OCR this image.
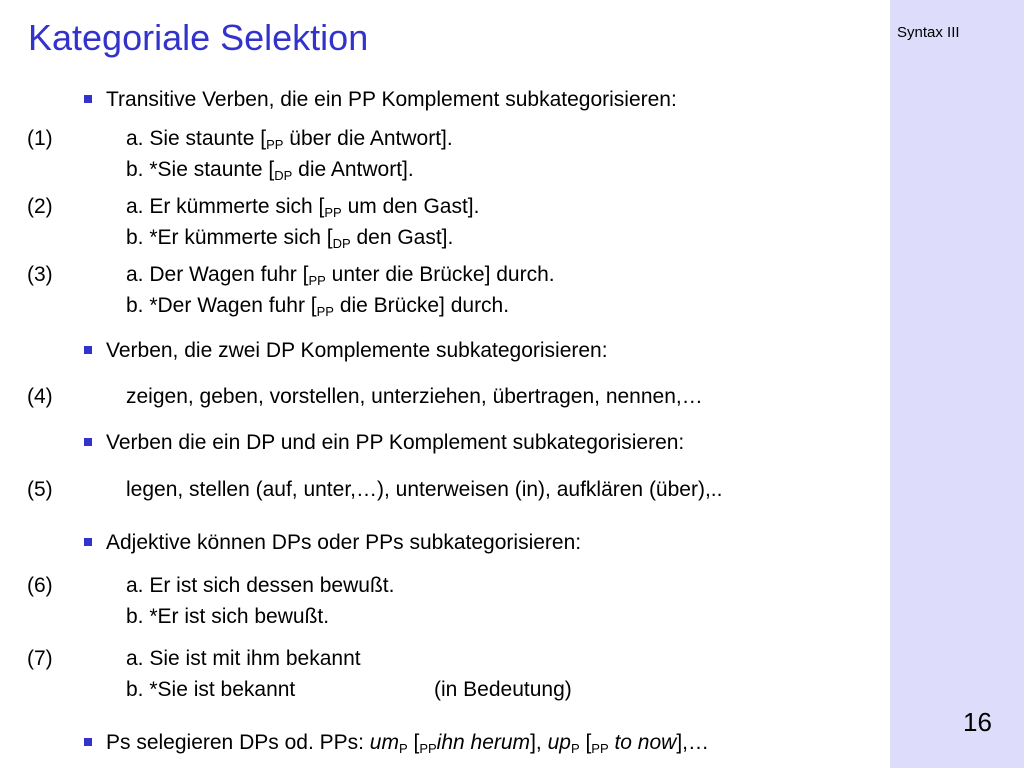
Syntax III
16
Kategoriale Selektion
Transitive Verben, die ein PP Komplement subkategorisieren:
(1)	a. Sie staunte [$_{PP}$ über die Antwort].
b. *Sie staunte [$_{DP}$ die Antwort].
(2)	a. Er kümmerte sich [$_{PP}$ um den Gast].
b. *Er kümmerte sich [$_{DP}$ den Gast].
(3)	a. Der Wagen fuhr [$_{PP}$ unter die Brücke] durch.
b. *Der Wagen fuhr [$_{PP}$ die Brücke] durch.
Verben, die zwei DP Komplemente subkategorisieren:
(4)	zeigen, geben, vorstellen, unterziehen, übertragen, nennen,…
Verben die ein DP und ein PP Komplement subkategorisieren:
(5)	legen, stellen (auf, unter,…), unterweisen (in), aufklären (über),..
Adjektive können DPs oder PPs subkategorisieren:
(6)	a. Er ist sich dessen bewußt.
b. *Er ist sich bewußt.
(7)	a. Sie ist mit ihm bekannt
b. *Sie ist bekannt	(in Bedeutung)
Ps selegieren DPs od. PPs: $um_P$ [$_{PP}ihn$ herum], $up_P$ [$_{PP}$ to now],…
